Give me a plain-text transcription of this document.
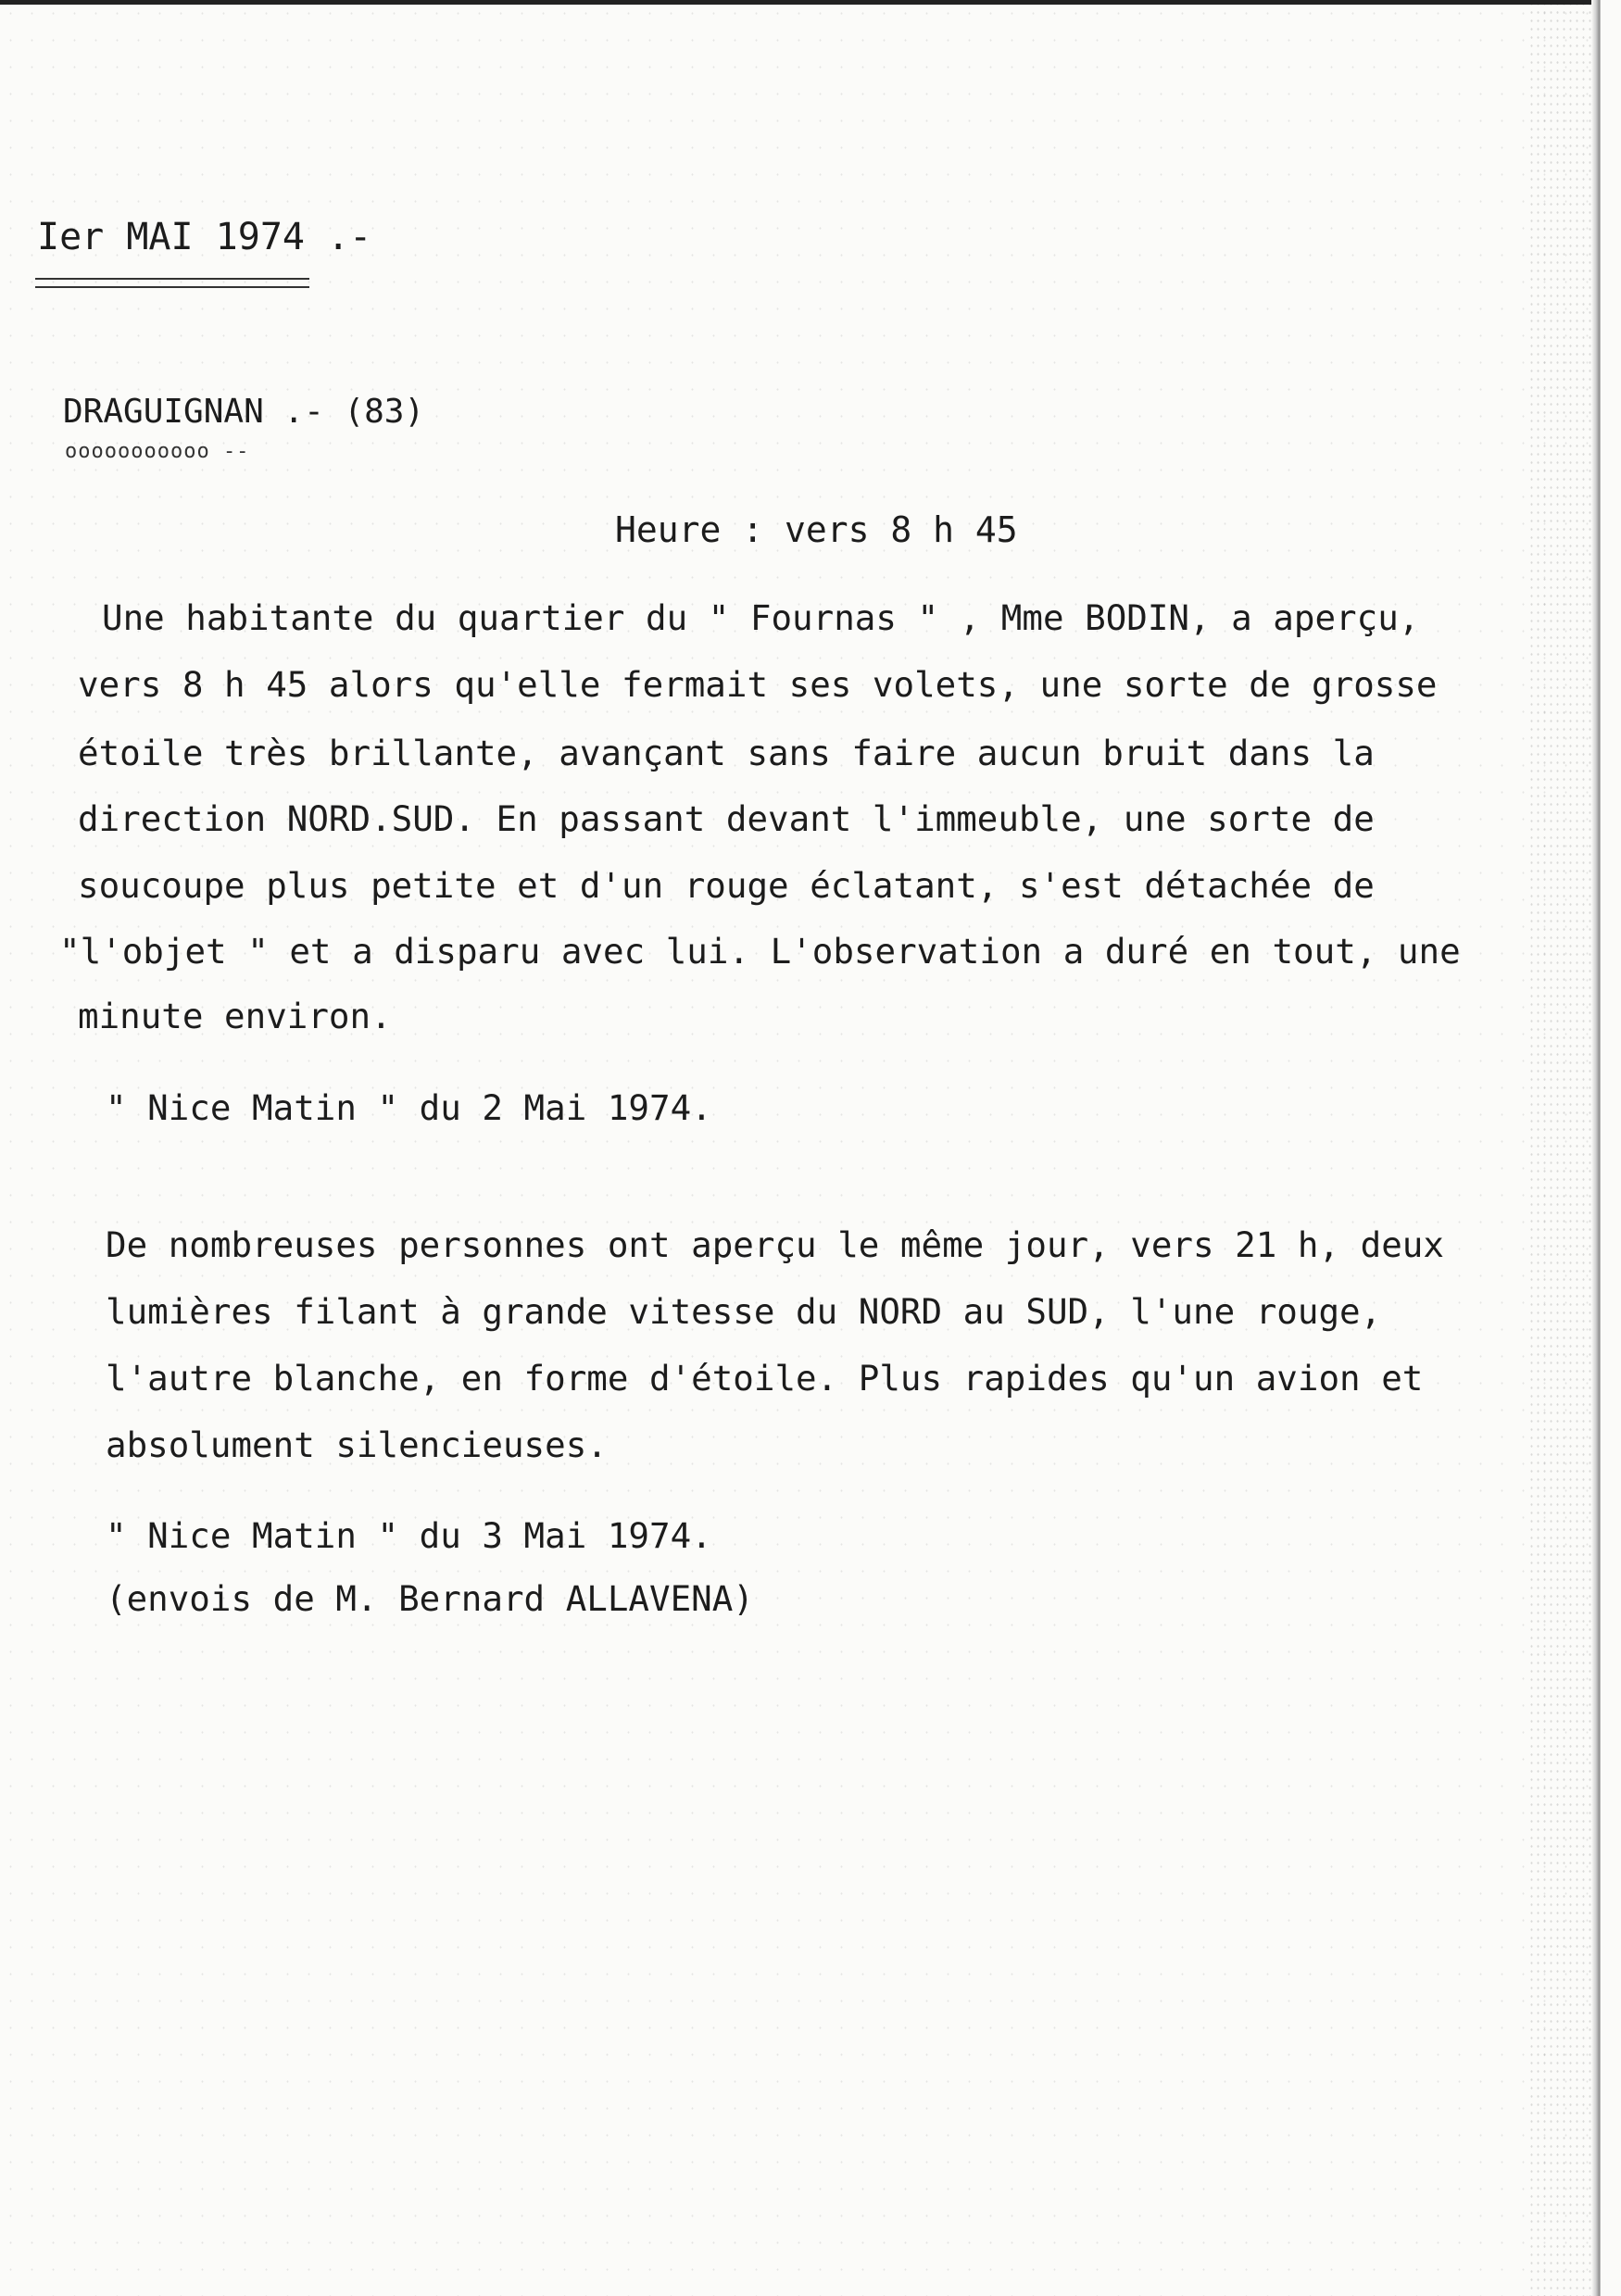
Ier MAI 1974 .-
DRAGUIGNAN .- (83)
ooooooooooo --
Heure : vers 8 h 45
Une habitante du quartier du " Fournas " , Mme BODIN, a aperçu,
vers 8 h 45 alors qu'elle fermait ses volets, une sorte de grosse
étoile très brillante, avançant sans faire aucun bruit dans la
direction NORD.SUD. En passant devant l'immeuble, une sorte de
soucoupe plus petite et d'un rouge éclatant, s'est détachée de
"l'objet " et a disparu avec lui. L'observation a duré en tout, une
minute environ.
" Nice Matin " du 2 Mai 1974.
De nombreuses personnes ont aperçu le même jour, vers 21 h, deux
lumières filant à grande vitesse du NORD au SUD, l'une rouge,
l'autre blanche, en forme d'étoile. Plus rapides qu'un avion et
absolument silencieuses.
" Nice Matin " du 3 Mai 1974.
(envois de M. Bernard ALLAVENA)
